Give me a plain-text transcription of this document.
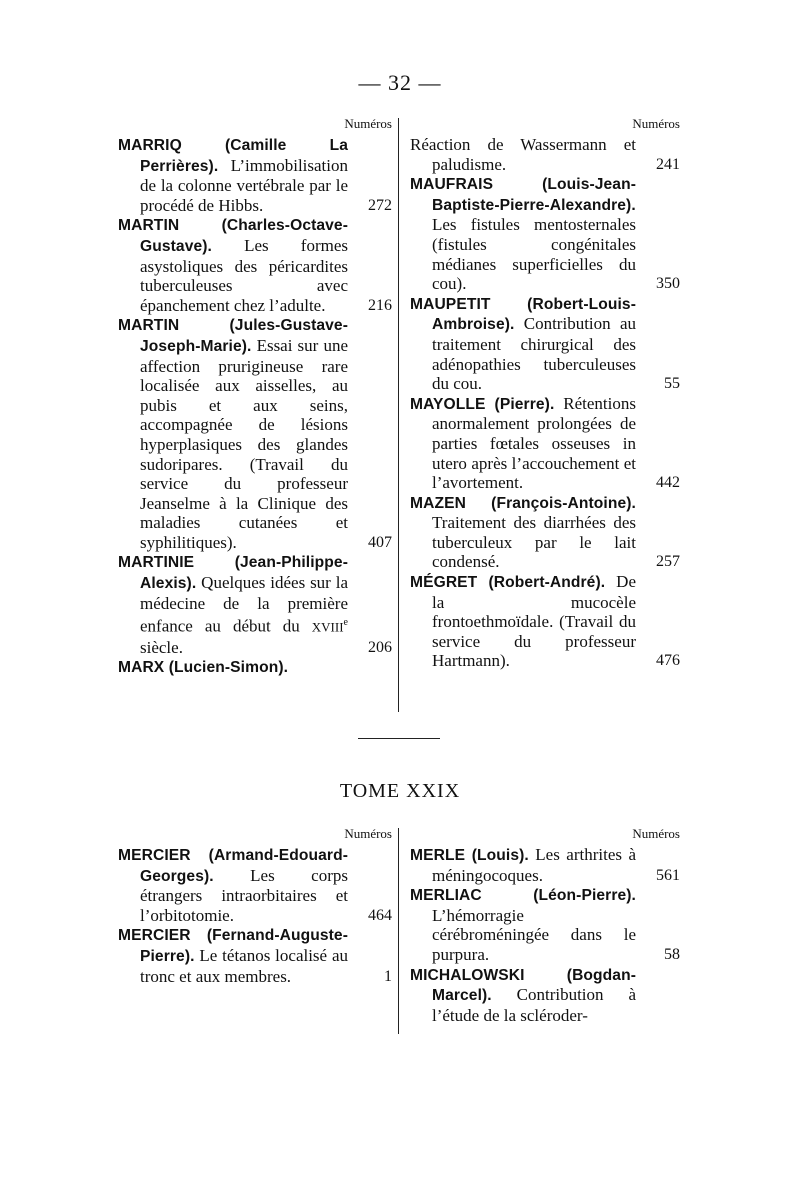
— 32 —
Numéros
MARRIQ (Camille La Perrières). L’immobilisation de la colonne vertébrale par le procédé de Hibbs.	272
MARTIN (Charles-Octave-Gustave). Les formes asystoliques des péricardites tuberculeuses avec épanchement chez l’adulte.	216
MARTIN (Jules-Gustave-Joseph-Marie). Essai sur une affection prurigineuse rare localisée aux aisselles, au pubis et aux seins, accompagnée de lésions hyperplasiques des glandes sudoripares. (Travail du service du professeur Jeanselme à la Clinique des maladies cutanées et syphilitiques).	407
MARTINIE (Jean-Philippe-Alexis). Quelques idées sur la médecine de la première enfance au début du XVIIIe siècle.	206
MARX (Lucien-Simon).
Numéros
Réaction de Wassermann et paludisme.	241
MAUFRAIS (Louis-Jean-Baptiste-Pierre-Alexandre). Les fistules mentosternales (fistules congénitales médianes superficielles du cou).	350
MAUPETIT (Robert-Louis-Ambroise). Contribution au traitement chirurgical des adénopathies tuberculeuses du cou.	55
MAYOLLE (Pierre). Rétentions anormalement prolongées de parties fœtales osseuses in utero après l’accouchement et l’avortement.	442
MAZEN (François-Antoine). Traitement des diarrhées des tuberculeux par le lait condensé.	257
MÉGRET (Robert-André). De la mucocèle frontoethmoïdale. (Travail du service du professeur Hartmann).	476
TOME XXIX
Numéros
MERCIER (Armand-Edouard-Georges). Les corps étrangers intraorbitaires et l’orbitotomie.	464
MERCIER (Fernand-Auguste-Pierre). Le tétanos localisé au tronc et aux membres.	1
Numéros
MERLE (Louis). Les arthrites à méningocoques.	561
MERLIAC (Léon-Pierre). L’hémorragie cérébroméningée dans le purpura.	58
MICHALOWSKI (Bogdan-Marcel). Contribution à l’étude de la scléroder-
